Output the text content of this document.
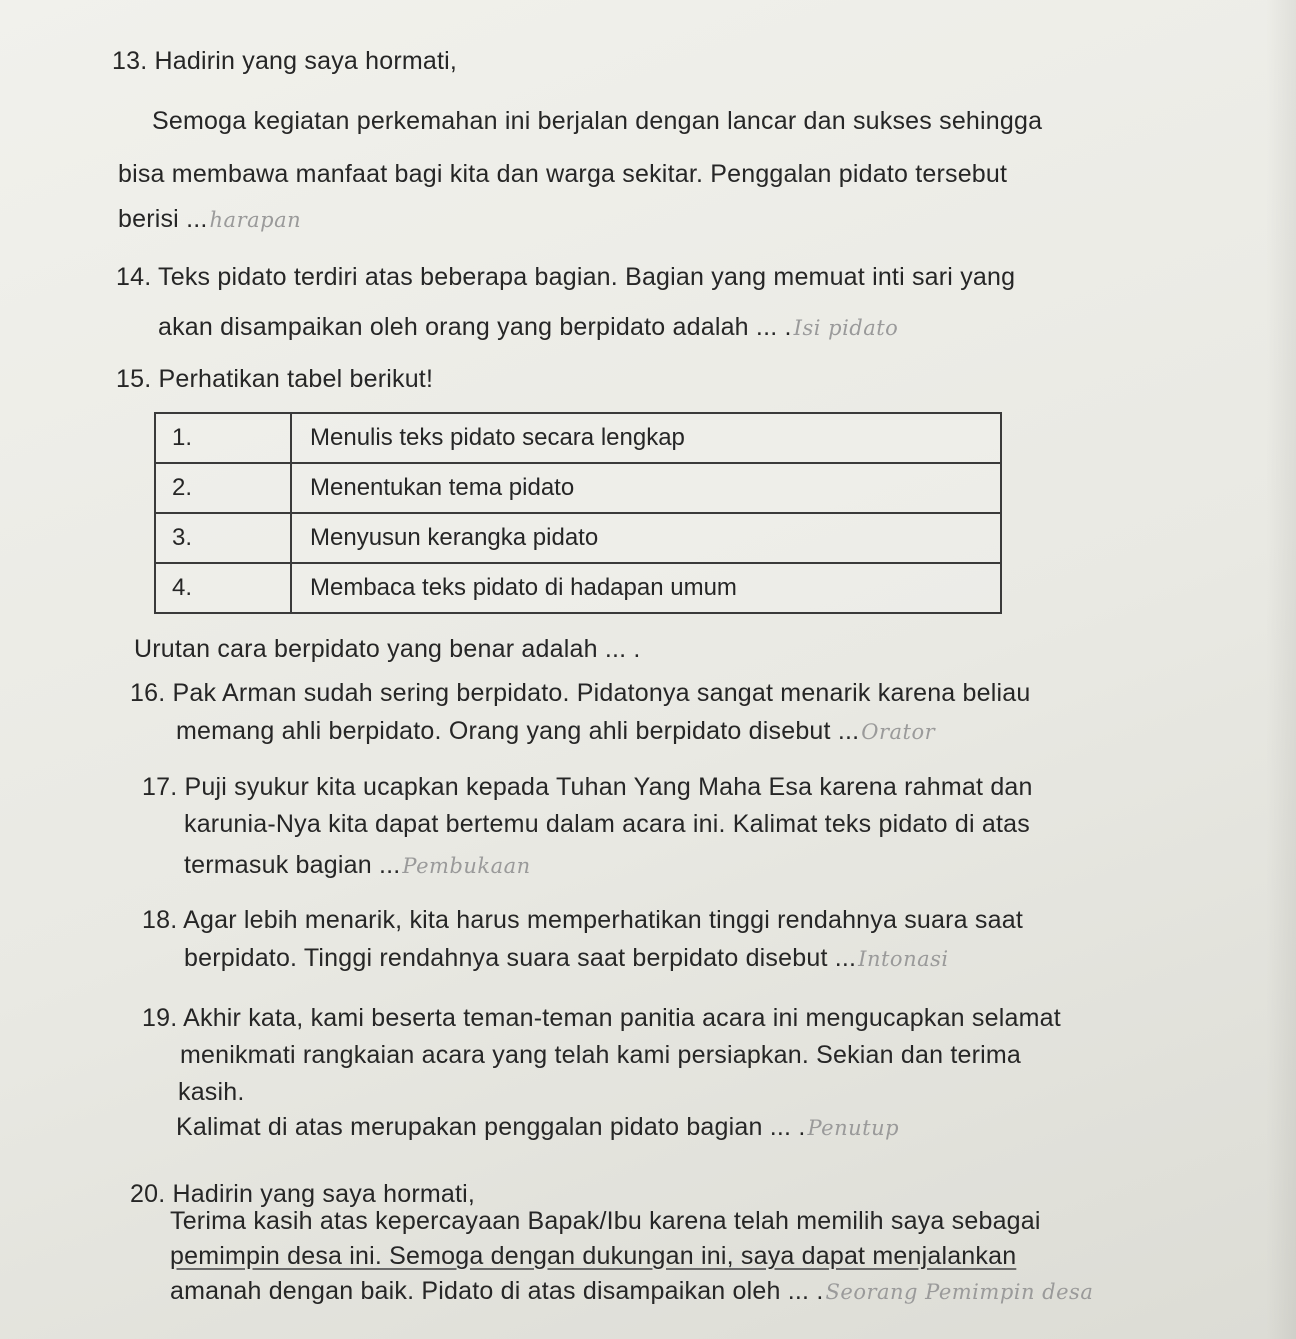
13. Hadirin yang saya hormati,
Semoga kegiatan perkemahan ini berjalan dengan lancar dan sukses sehingga
bisa membawa manfaat bagi kita dan warga sekitar. Penggalan pidato tersebut
berisi ...harapan
14. Teks pidato terdiri atas beberapa bagian. Bagian yang memuat inti sari yang
akan disampaikan oleh orang yang berpidato adalah ... .Isi pidato
15. Perhatikan tabel berikut!
1.	Menulis teks pidato secara lengkap
2.	Menentukan tema pidato
3.	Menyusun kerangka pidato
4.	Membaca teks pidato di hadapan umum
Urutan cara berpidato yang benar adalah ... .
16. Pak Arman sudah sering berpidato. Pidatonya sangat menarik karena beliau
memang ahli berpidato. Orang yang ahli berpidato disebut ...Orator
17. Puji syukur kita ucapkan kepada Tuhan Yang Maha Esa karena rahmat dan
karunia-Nya kita dapat bertemu dalam acara ini. Kalimat teks pidato di atas
termasuk bagian ...Pembukaan
18. Agar lebih menarik, kita harus memperhatikan tinggi rendahnya suara saat
berpidato. Tinggi rendahnya suara saat berpidato disebut ...Intonasi
19. Akhir kata, kami beserta teman-teman panitia acara ini mengucapkan selamat
menikmati rangkaian acara yang telah kami persiapkan. Sekian dan terima
kasih.
Kalimat di atas merupakan penggalan pidato bagian ... .Penutup
20. Hadirin yang saya hormati,
Terima kasih atas kepercayaan Bapak/Ibu karena telah memilih saya sebagai
pemimpin desa ini. Semoga dengan dukungan ini, saya dapat menjalankan
amanah dengan baik. Pidato di atas disampaikan oleh ... .Seorang Pemimpin desa
